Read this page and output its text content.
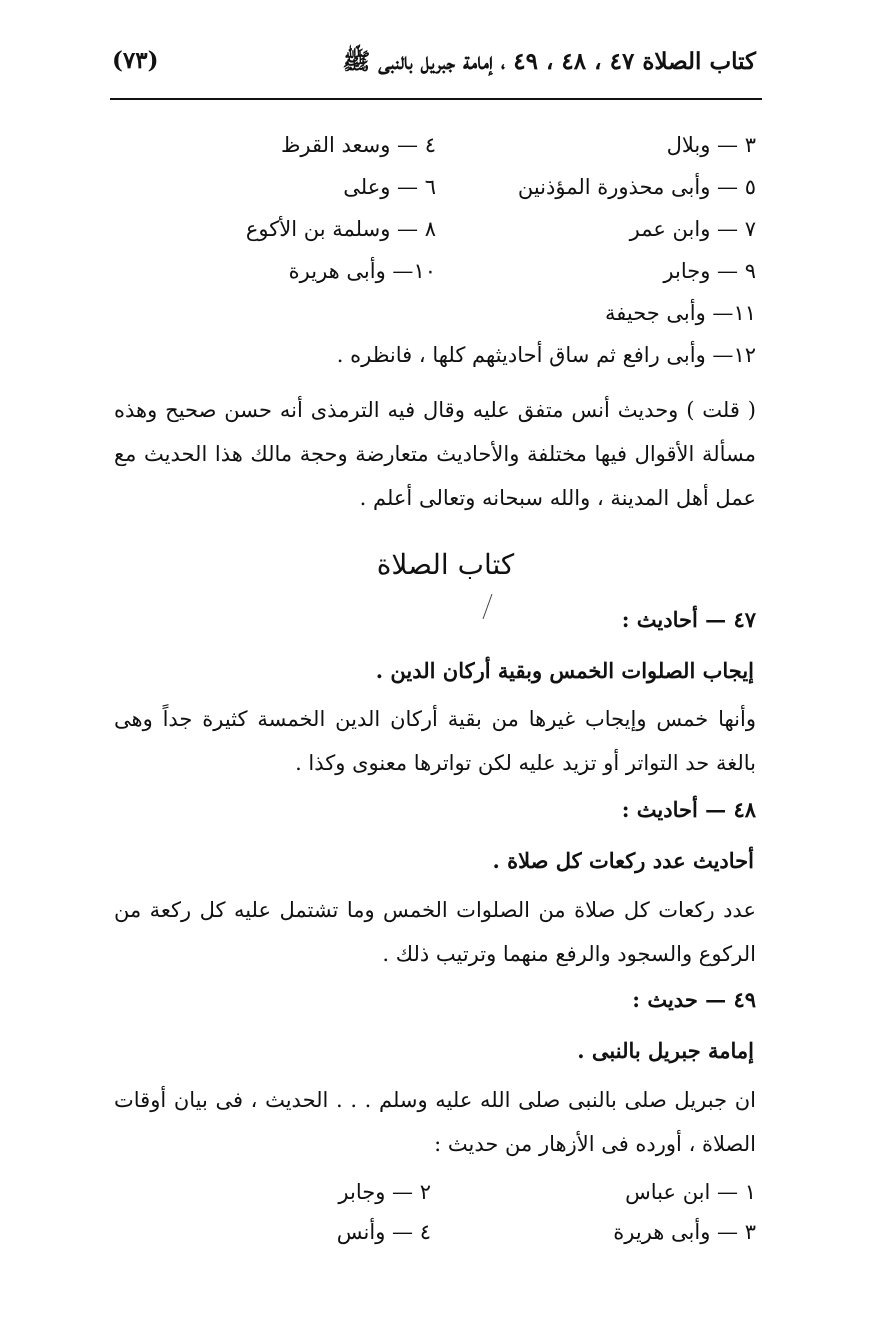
كتاب الصلاة ٤٧ ، ٤٨ ، ٤٩ ، إمامة جبريل بالنبى ﷺ
(٧٣)
٣ — وبلال
٤ — وسعد القرظ
٥ — وأبى محذورة المؤذنين
٦ — وعلى
٧ — وابن عمر
٨ — وسلمة بن الأكوع
٩ — وجابر
١٠— وأبى هريرة
١١— وأبى جحيفة
١٢— وأبى رافع ثم ساق أحاديثهم كلها ، فانظره .
( قلت ) وحديث أنس متفق عليه وقال فيه الترمذى أنه حسن صحيح وهذه مسألة الأقوال فيها مختلفة والأحاديث متعارضة وحجة مالك هذا الحديث مع عمل أهل المدينة ، والله سبحانه وتعالى أعلم .
كتاب الصلاة
٤٧ — أحاديث :
إيجاب الصلوات الخمس وبقية أركان الدين .
وأنها خمس وإيجاب غيرها من بقية أركان الدين الخمسة كثيرة جداً وهى بالغة حد التواتر أو تزيد عليه لكن تواترها معنوى وكذا .
٤٨ — أحاديث :
أحاديث عدد ركعات كل صلاة .
عدد ركعات كل صلاة من الصلوات الخمس وما تشتمل عليه كل ركعة من الركوع والسجود والرفع منهما وترتيب ذلك .
٤٩ — حديث :
إمامة جبريل بالنبى .
ان جبريل صلى بالنبى صلى الله عليه وسلم . . . الحديث ، فى بيان أوقات الصلاة ، أورده فى الأزهار من حديث :
١ — ابن عباس
٢ — وجابر
٣ — وأبى هريرة
٤ — وأنس
